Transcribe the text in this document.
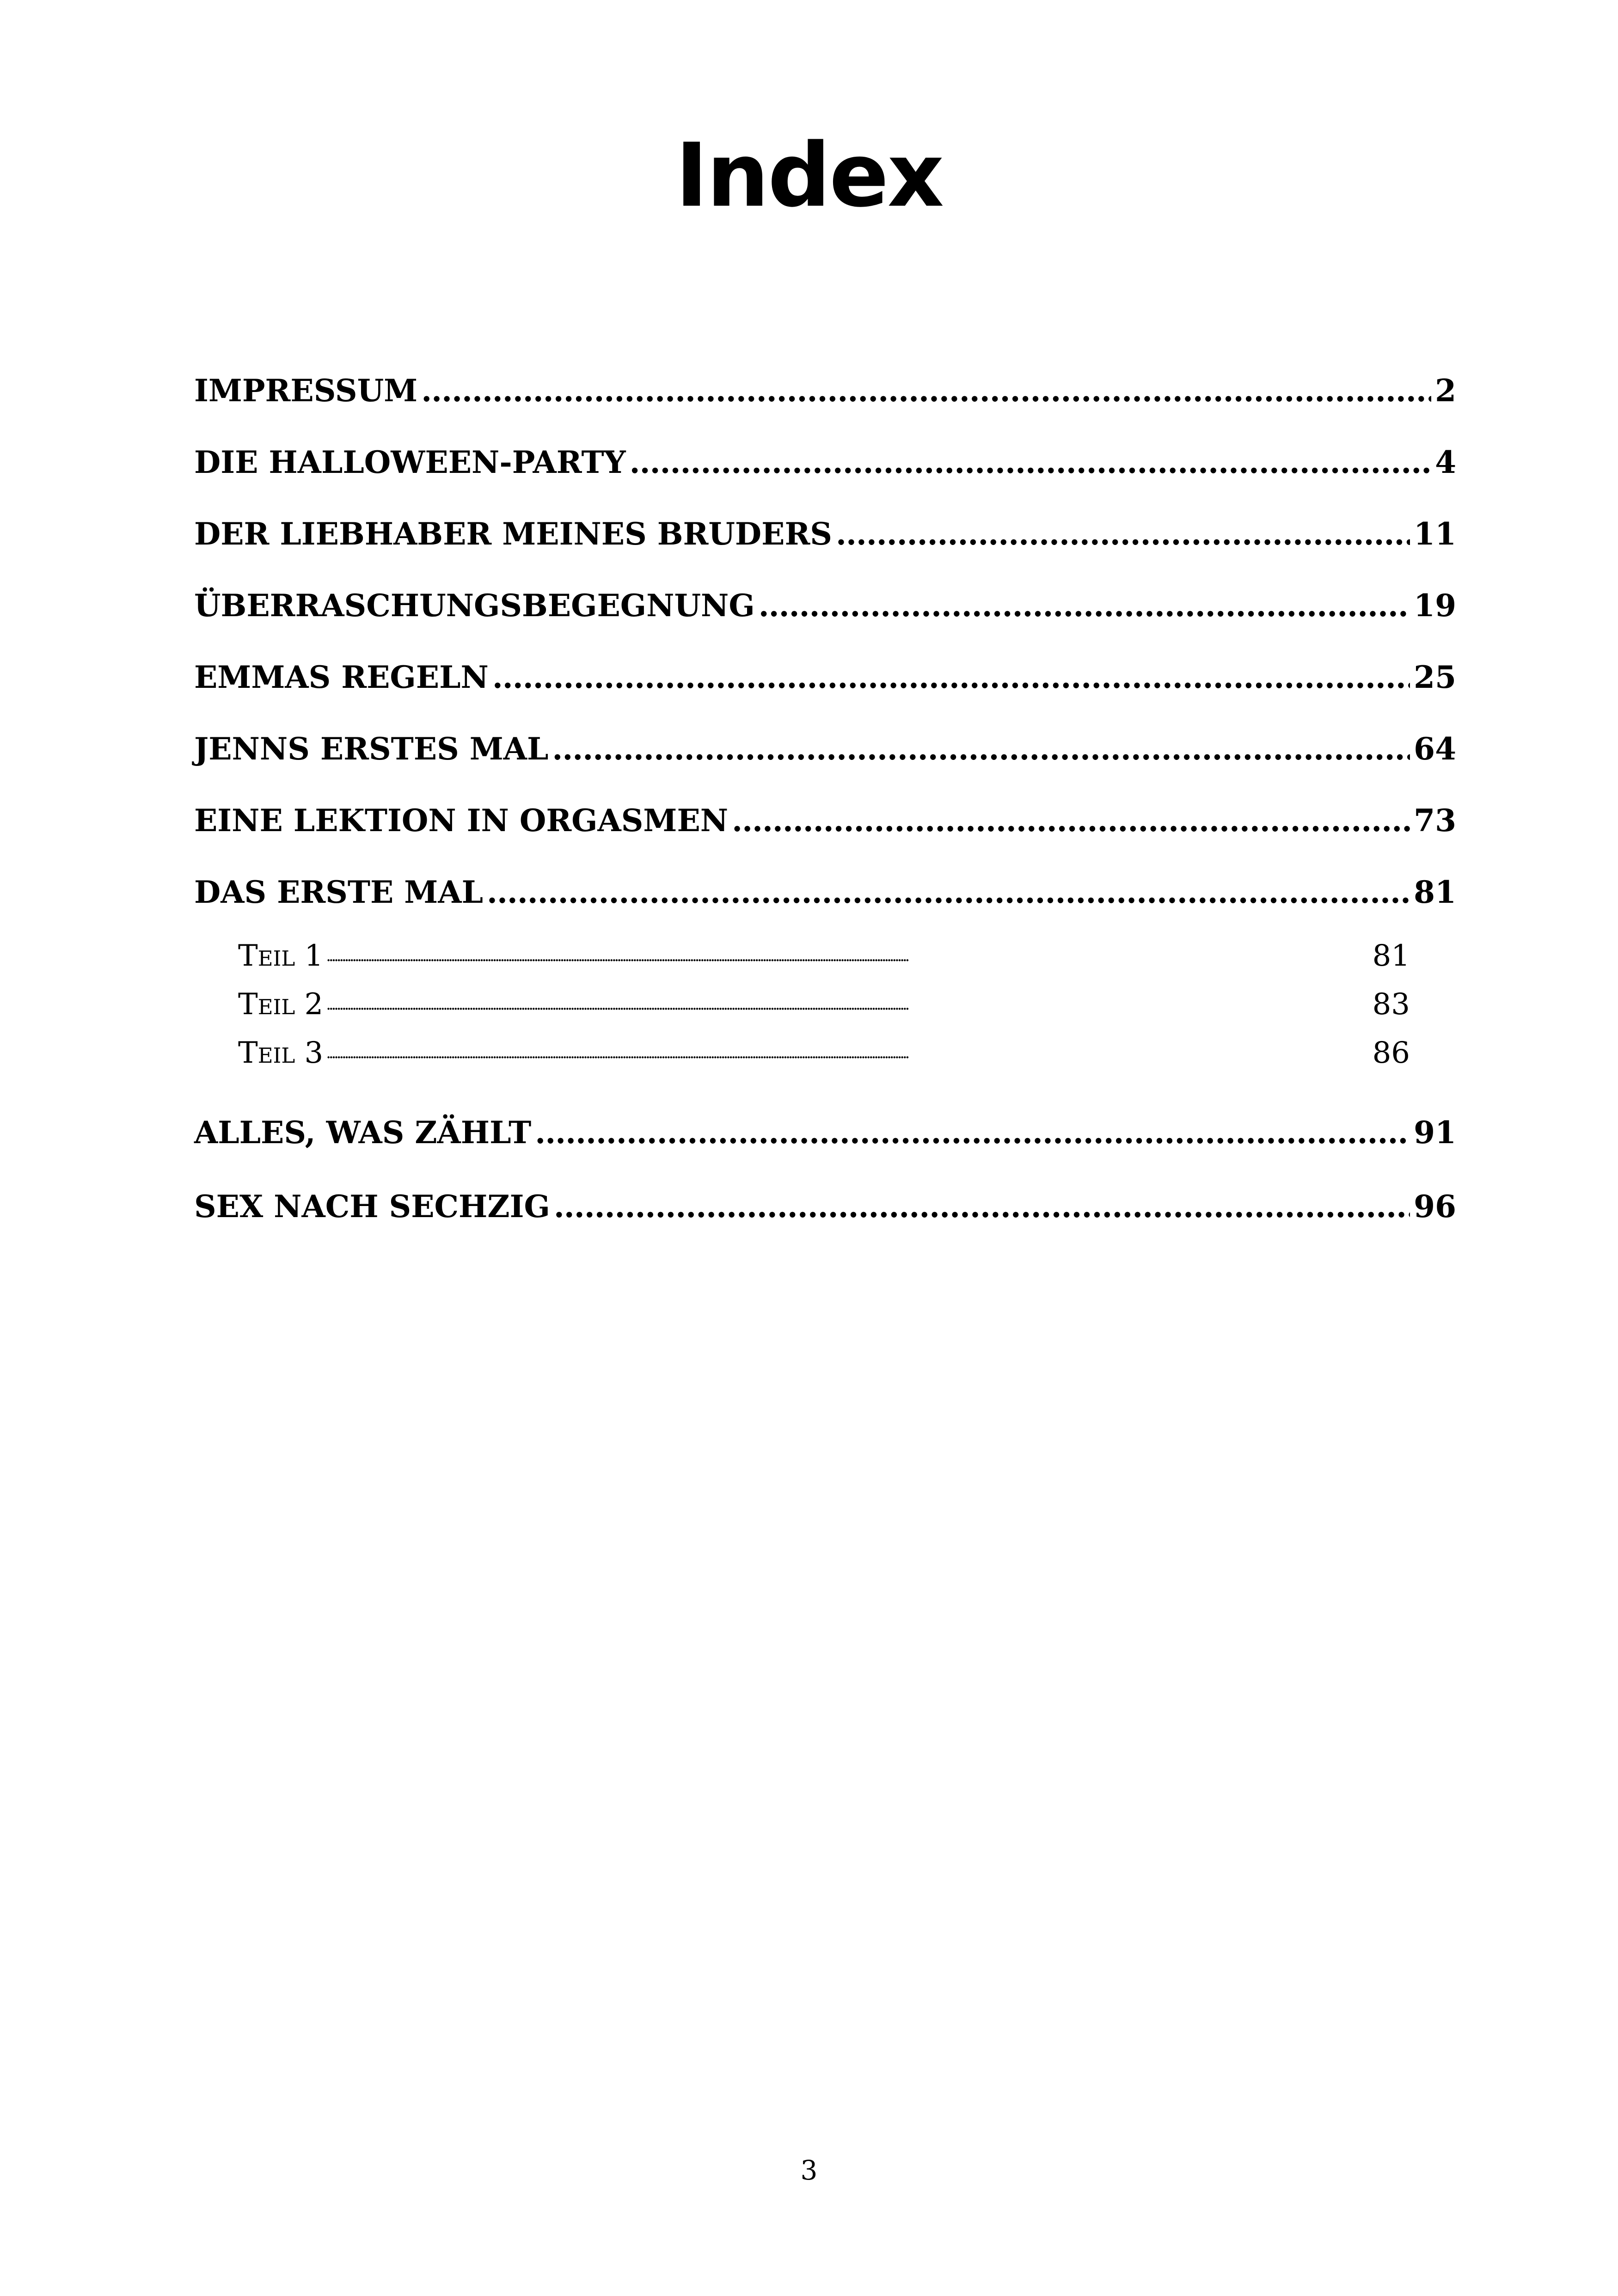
Index
IMPRESSUM . . .	2
DIE HALLOWEEN-PARTY . . .	4
DER LIEBHABER MEINES BRUDERS . . .	11
ÜBERRASCHUNGSBEGEGNUNG . . .	19
EMMAS REGELN . . .	25
JENNS ERSTES MAL . . .	64
EINE LEKTION IN ORGASMEN . . .	73
DAS ERSTE MAL . . .	81
Teil 1 . . .	81
Teil 2 . . .	83
Teil 3 . . .	86
ALLES, WAS ZÄHLT . . .	91
SEX NACH SECHZIG . . .	96
3
